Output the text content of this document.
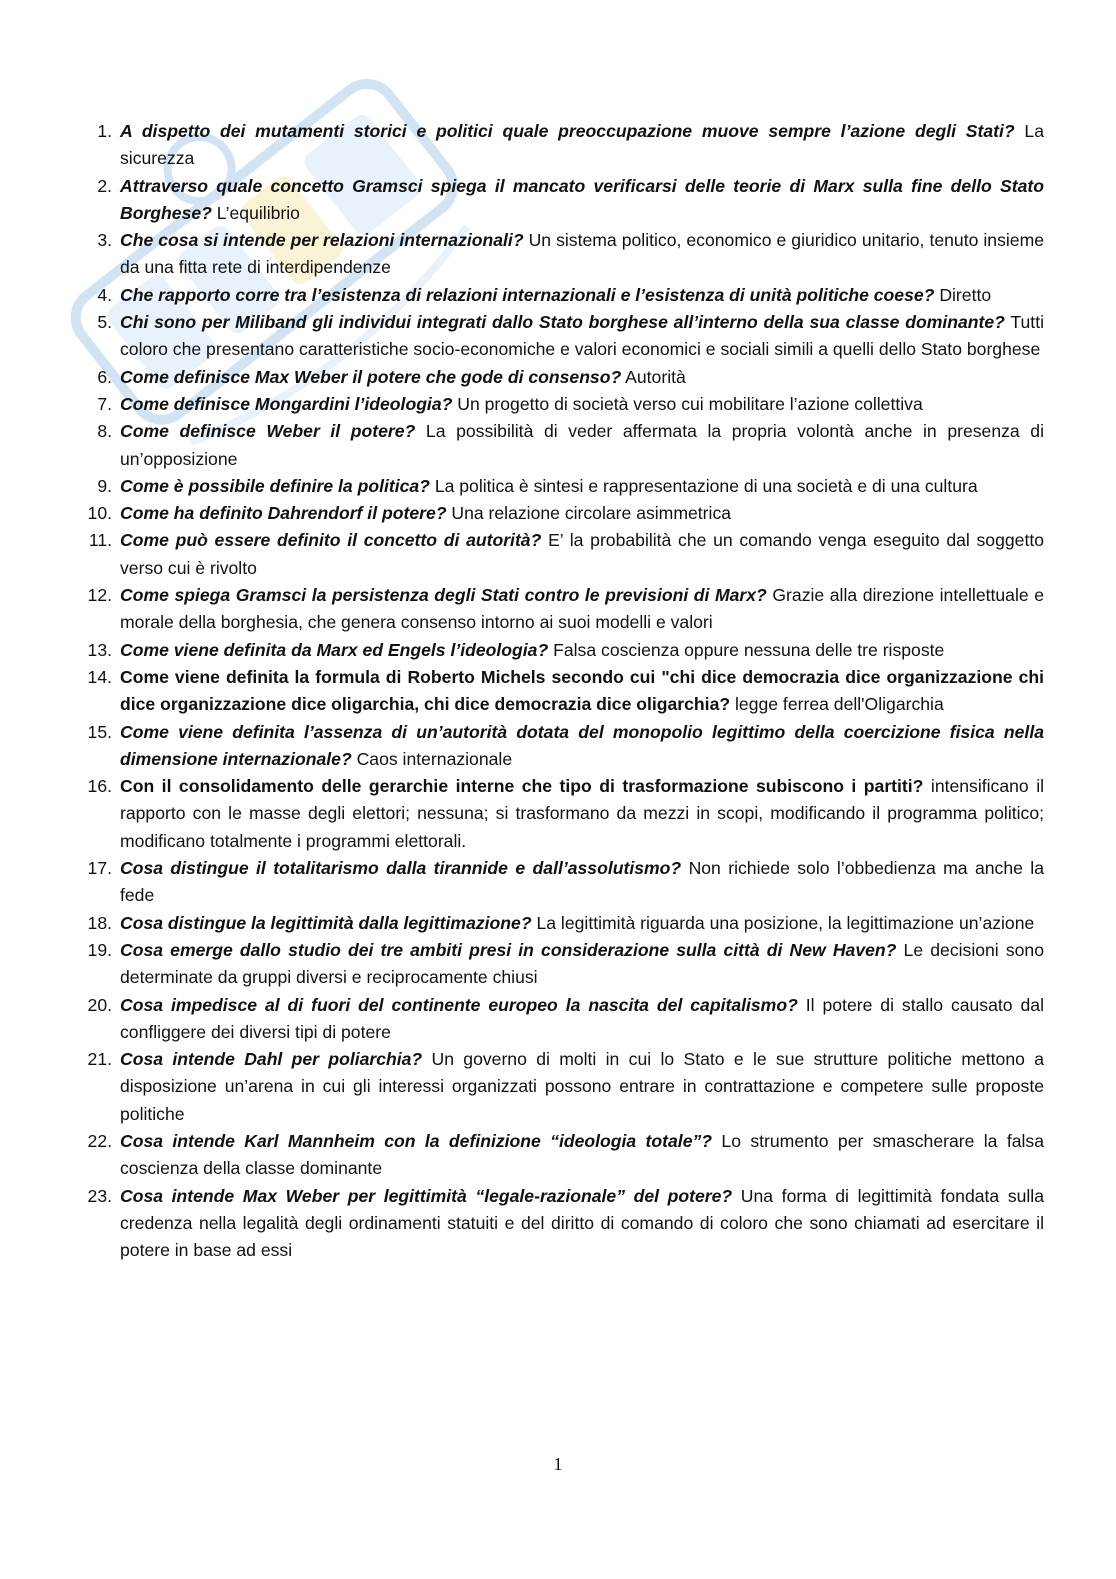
1. A dispetto dei mutamenti storici e politici quale preoccupazione muove sempre l’azione degli Stati? La sicurezza
2. Attraverso quale concetto Gramsci spiega il mancato verificarsi delle teorie di Marx sulla fine dello Stato Borghese? L’equilibrio
3. Che cosa si intende per relazioni internazionali? Un sistema politico, economico e giuridico unitario, tenuto insieme da una fitta rete di interdipendenze
4. Che rapporto corre tra l’esistenza di relazioni internazionali e l’esistenza di unità politiche coese? Diretto
5. Chi sono per Miliband gli individui integrati dallo Stato borghese all’interno della sua classe dominante? Tutti coloro che presentano caratteristiche socio-economiche e valori economici e sociali simili a quelli dello Stato borghese
6. Come definisce Max Weber il potere che gode di consenso? Autorità
7. Come definisce Mongardini l’ideologia? Un progetto di società verso cui mobilitare l’azione collettiva
8. Come definisce Weber il potere? La possibilità di veder affermata la propria volontà anche in presenza di un’opposizione
9. Come è possibile definire la politica? La politica è sintesi e rappresentazione di una società e di una cultura
10. Come ha definito Dahrendorf il potere? Una relazione circolare asimmetrica
11. Come può essere definito il concetto di autorità? E’ la probabilità che un comando venga eseguito dal soggetto verso cui è rivolto
12. Come spiega Gramsci la persistenza degli Stati contro le previsioni di Marx? Grazie alla direzione intellettuale e morale della borghesia, che genera consenso intorno ai suoi modelli e valori
13. Come viene definita da Marx ed Engels l’ideologia? Falsa coscienza oppure nessuna delle tre risposte
14. Come viene definita la formula di Roberto Michels secondo cui "chi dice democrazia dice organizzazione chi dice organizzazione dice oligarchia, chi dice democrazia dice oligarchia? legge ferrea dell'Oligarchia
15. Come viene definita l’assenza di un’autorità dotata del monopolio legittimo della coercizione fisica nella dimensione internazionale? Caos internazionale
16. Con il consolidamento delle gerarchie interne che tipo di trasformazione subiscono i partiti? intensificano il rapporto con le masse degli elettori; nessuna; si trasformano da mezzi in scopi, modificando il programma politico; modificano totalmente i programmi elettorali.
17. Cosa distingue il totalitarismo dalla tirannide e dall’assolutismo? Non richiede solo l’obbedienza ma anche la fede
18. Cosa distingue la legittimità dalla legittimazione? La legittimità riguarda una posizione, la legittimazione un’azione
19. Cosa emerge dallo studio dei tre ambiti presi in considerazione sulla città di New Haven? Le decisioni sono determinate da gruppi diversi e reciprocamente chiusi
20. Cosa impedisce al di fuori del continente europeo la nascita del capitalismo? Il potere di stallo causato dal confliggere dei diversi tipi di potere
21. Cosa intende Dahl per poliarchia? Un governo di molti in cui lo Stato e le sue strutture politiche mettono a disposizione un’arena in cui gli interessi organizzati possono entrare in contrattazione e competere sulle proposte politiche
22. Cosa intende Karl Mannheim con la definizione “ideologia totale”? Lo strumento per smascherare la falsa coscienza della classe dominante
23. Cosa intende Max Weber per legittimità “legale-razionale” del potere? Una forma di legittimità fondata sulla credenza nella legalità degli ordinamenti statuiti e del diritto di comando di coloro che sono chiamati ad esercitare il potere in base ad essi
1
